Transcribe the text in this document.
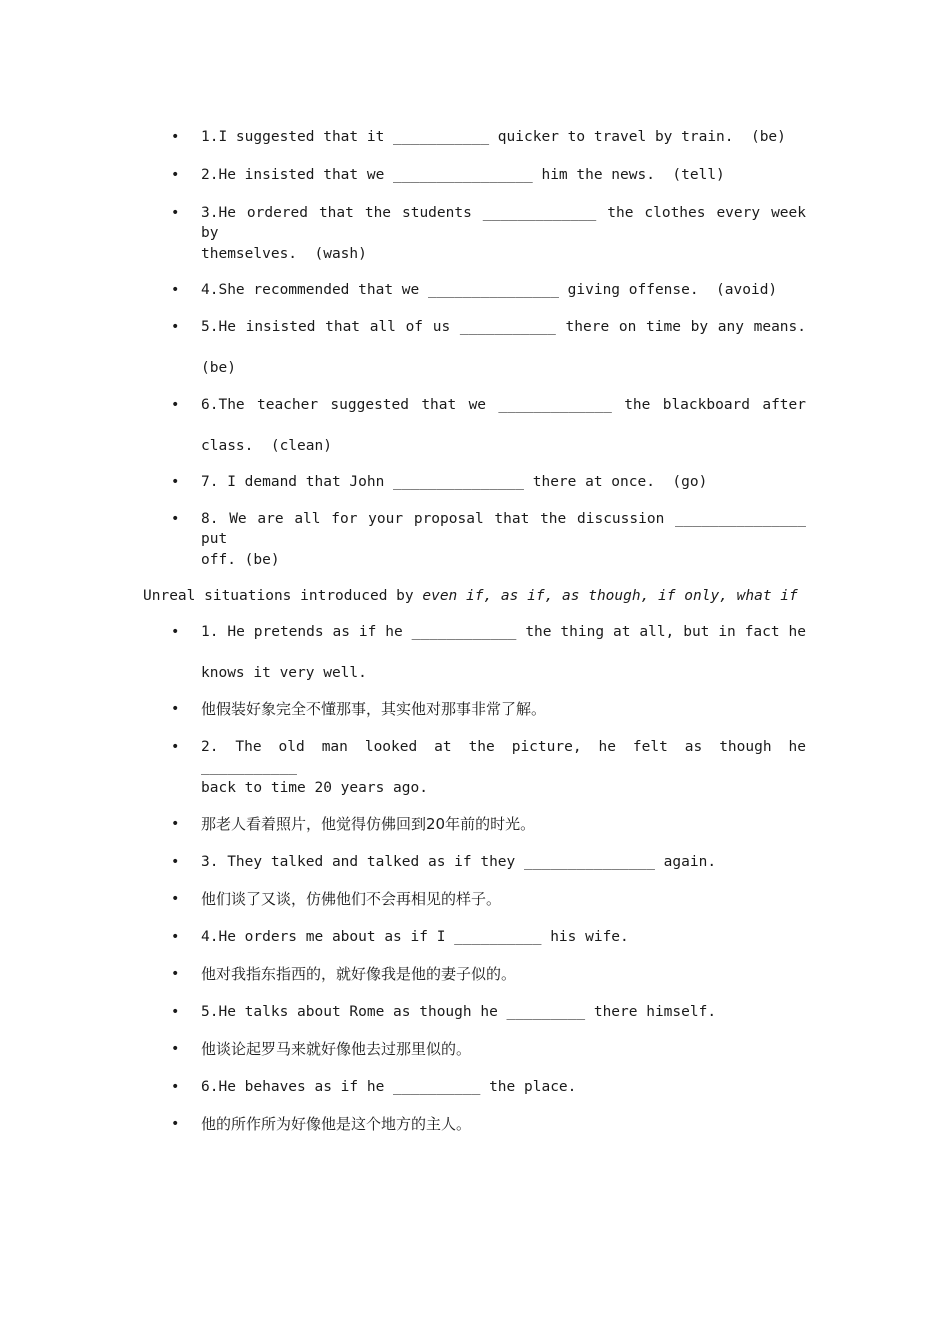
• 1.I suggested that it ___________ quicker to travel by train.  (be)
• 2.He insisted that we ________________ him the news.  (tell)
• 3.He ordered that the students _____________ the clothes every week by
themselves.  (wash)
• 4.She recommended that we _______________ giving offense.  (avoid)
• 5.He insisted that all of us ___________ there on time by any means.
(be)
• 6.The teacher suggested that we _____________ the blackboard after
class.  (clean)
• 7. I demand that John _______________ there at once.  (go)
• 8. We are all for your proposal that the discussion _______________ put
off. (be)
Unreal situations introduced by even if, as if, as though, if only, what if
• 1. He pretends as if he ____________ the thing at all, but in fact he
knows it very well.
• 他假装好象完全不懂那事，其实他对那事非常了解。
• 2. The old man looked at the picture, he felt as though he ___________
back to time 20 years ago.
• 那老人看着照片，他觉得仿佛回到20年前的时光。
• 3. They talked and talked as if they _______________ again.
• 他们谈了又谈，仿佛他们不会再相见的样子。
• 4.He orders me about as if I __________ his wife.
• 他对我指东指西的，就好像我是他的妻子似的。
• 5.He talks about Rome as though he _________ there himself.
• 他谈论起罗马来就好像他去过那里似的。
• 6.He behaves as if he __________ the place.
• 他的所作所为好像他是这个地方的主人。
